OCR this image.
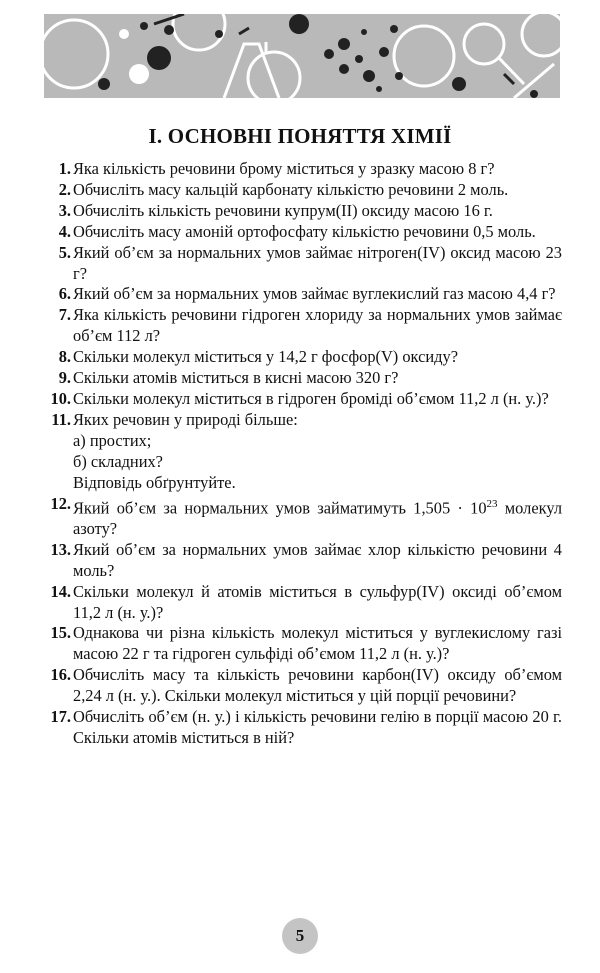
І. ОСНОВНІ ПОНЯТТЯ ХІМІЇ
1. Яка кількість речовини брому міститься у зразку масою 8 г?
2. Обчисліть масу кальцій карбонату кількістю речовини 2 моль.
3. Обчисліть кількість речовини купрум(ІІ) оксиду масою 16 г.
4. Обчисліть масу амоній ортофосфату кількістю речовини 0,5 моль.
5. Який об’єм за нормальних умов займає нітроген(IV) оксид масою 23 г?
6. Який об’єм за нормальних умов займає вуглекислий газ масою 4,4 г?
7. Яка кількість речовини гідроген хлориду за нормальних умов займає об’єм 112 л?
8. Скільки молекул міститься у 14,2 г фосфор(V) оксиду?
9. Скільки атомів міститься в кисні масою 320 г?
10. Скільки молекул міститься в гідроген броміді об’ємом 11,2 л (н. у.)?
11. Яких речовин у природі більше:
а) простих;
б) складних?
Відповідь обґрунтуйте.
12. Який об’єм за нормальних умов займатимуть $1,505 \cdot 10^{23}$ молекул азоту?
13. Який об’єм за нормальних умов займає хлор кількістю речовини 4 моль?
14. Скільки молекул й атомів міститься в сульфур(IV) оксиді об’ємом 11,2 л (н. у.)?
15. Однакова чи різна кількість молекул міститься у вуглекислому газі масою 22 г та гідроген сульфіді об’ємом 11,2 л (н. у.)?
16. Обчисліть масу та кількість речовини карбон(IV) оксиду об’ємом 2,24 л (н. у.). Скільки молекул міститься у цій порції речовини?
17. Обчисліть об’єм (н. у.) і кількість речовини гелію в порції масою 20 г. Скільки атомів міститься в ній?
5
